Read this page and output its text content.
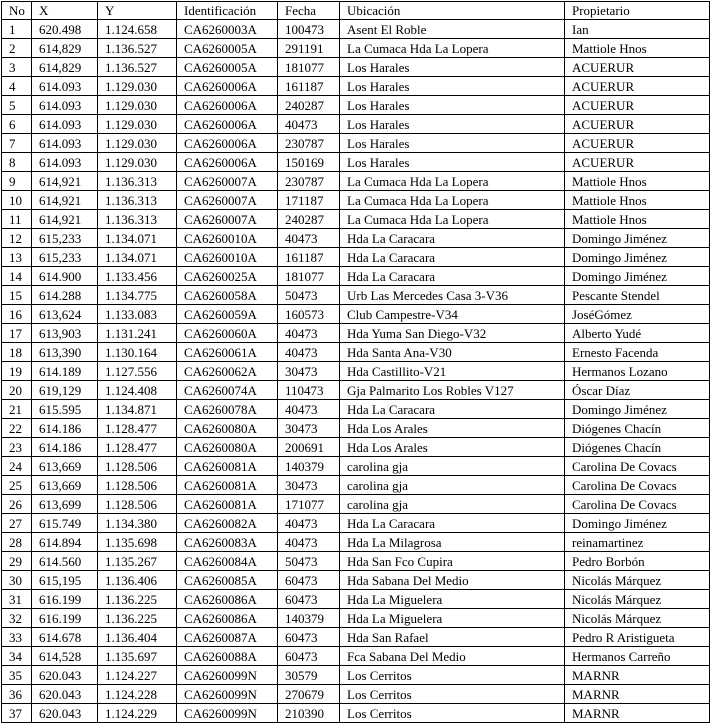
No	X	Y	Identificación	Fecha	Ubicación	Propietario
1	620.498	1.124.658	CA6260003A	100473	Asent El Roble	Ian
2	614,829	1.136.527	CA6260005A	291191	La Cumaca Hda La Lopera	Mattiole Hnos
3	614,829	1.136.527	CA6260005A	181077	Los Harales	ACUERUR
4	614.093	1.129.030	CA6260006A	161187	Los Harales	ACUERUR
5	614.093	1.129.030	CA6260006A	240287	Los Harales	ACUERUR
6	614.093	1.129.030	CA6260006A	40473	Los Harales	ACUERUR
7	614.093	1.129.030	CA6260006A	230787	Los Harales	ACUERUR
8	614.093	1.129.030	CA6260006A	150169	Los Harales	ACUERUR
9	614,921	1.136.313	CA6260007A	230787	La Cumaca Hda La Lopera	Mattiole Hnos
10	614,921	1.136.313	CA6260007A	171187	La Cumaca Hda La Lopera	Mattiole Hnos
11	614,921	1.136.313	CA6260007A	240287	La Cumaca Hda La Lopera	Mattiole Hnos
12	615,233	1.134.071	CA6260010A	40473	Hda La Caracara	Domingo Jiménez
13	615,233	1.134.071	CA6260010A	161187	Hda La Caracara	Domingo Jiménez
14	614.900	1.133.456	CA6260025A	181077	Hda La Caracara	Domingo Jiménez
15	614.288	1.134.775	CA6260058A	50473	Urb Las Mercedes Casa 3-V36	Pescante Stendel
16	613,624	1.133.083	CA6260059A	160573	Club Campestre-V34	JoséGómez
17	613,903	1.131.241	CA6260060A	40473	Hda Yuma San Diego-V32	Alberto Yudé
18	613,390	1.130.164	CA6260061A	40473	Hda Santa Ana-V30	Ernesto Facenda
19	614.189	1.127.556	CA6260062A	30473	Hda Castillito-V21	Hermanos Lozano
20	619,129	1.124.408	CA6260074A	110473	Gja Palmarito Los Robles V127	Óscar Díaz
21	615.595	1.134.871	CA6260078A	40473	Hda La Caracara	Domingo Jiménez
22	614.186	1.128.477	CA6260080A	30473	Hda Los Arales	Diógenes Chacín
23	614.186	1.128.477	CA6260080A	200691	Hda Los Arales	Diógenes Chacín
24	613,669	1.128.506	CA6260081A	140379	carolina gja	Carolina De Covacs
25	613,669	1.128.506	CA6260081A	30473	carolina gja	Carolina De Covacs
26	613,699	1.128.506	CA6260081A	171077	carolina gja	Carolina De Covacs
27	615.749	1.134.380	CA6260082A	40473	Hda La Caracara	Domingo Jiménez
28	614.894	1.135.698	CA6260083A	40473	Hda La Milagrosa	reinamartinez
29	614.560	1.135.267	CA6260084A	50473	Hda San Fco Cupira	Pedro Borbón
30	615,195	1.136.406	CA6260085A	60473	Hda Sabana Del Medio	Nicolás Márquez
31	616.199	1.136.225	CA6260086A	60473	Hda La Miguelera	Nicolás Márquez
32	616.199	1.136.225	CA6260086A	140379	Hda La Miguelera	Nicolás Márquez
33	614.678	1.136.404	CA6260087A	60473	Hda San Rafael	Pedro R Aristigueta
34	614,528	1.135.697	CA6260088A	60473	Fca Sabana Del Medio	Hermanos Carreño
35	620.043	1.124.227	CA6260099N	30579	Los Cerritos	MARNR
36	620.043	1.124.228	CA6260099N	270679	Los Cerritos	MARNR
37	620.043	1.124.229	CA6260099N	210390	Los Cerritos	MARNR
